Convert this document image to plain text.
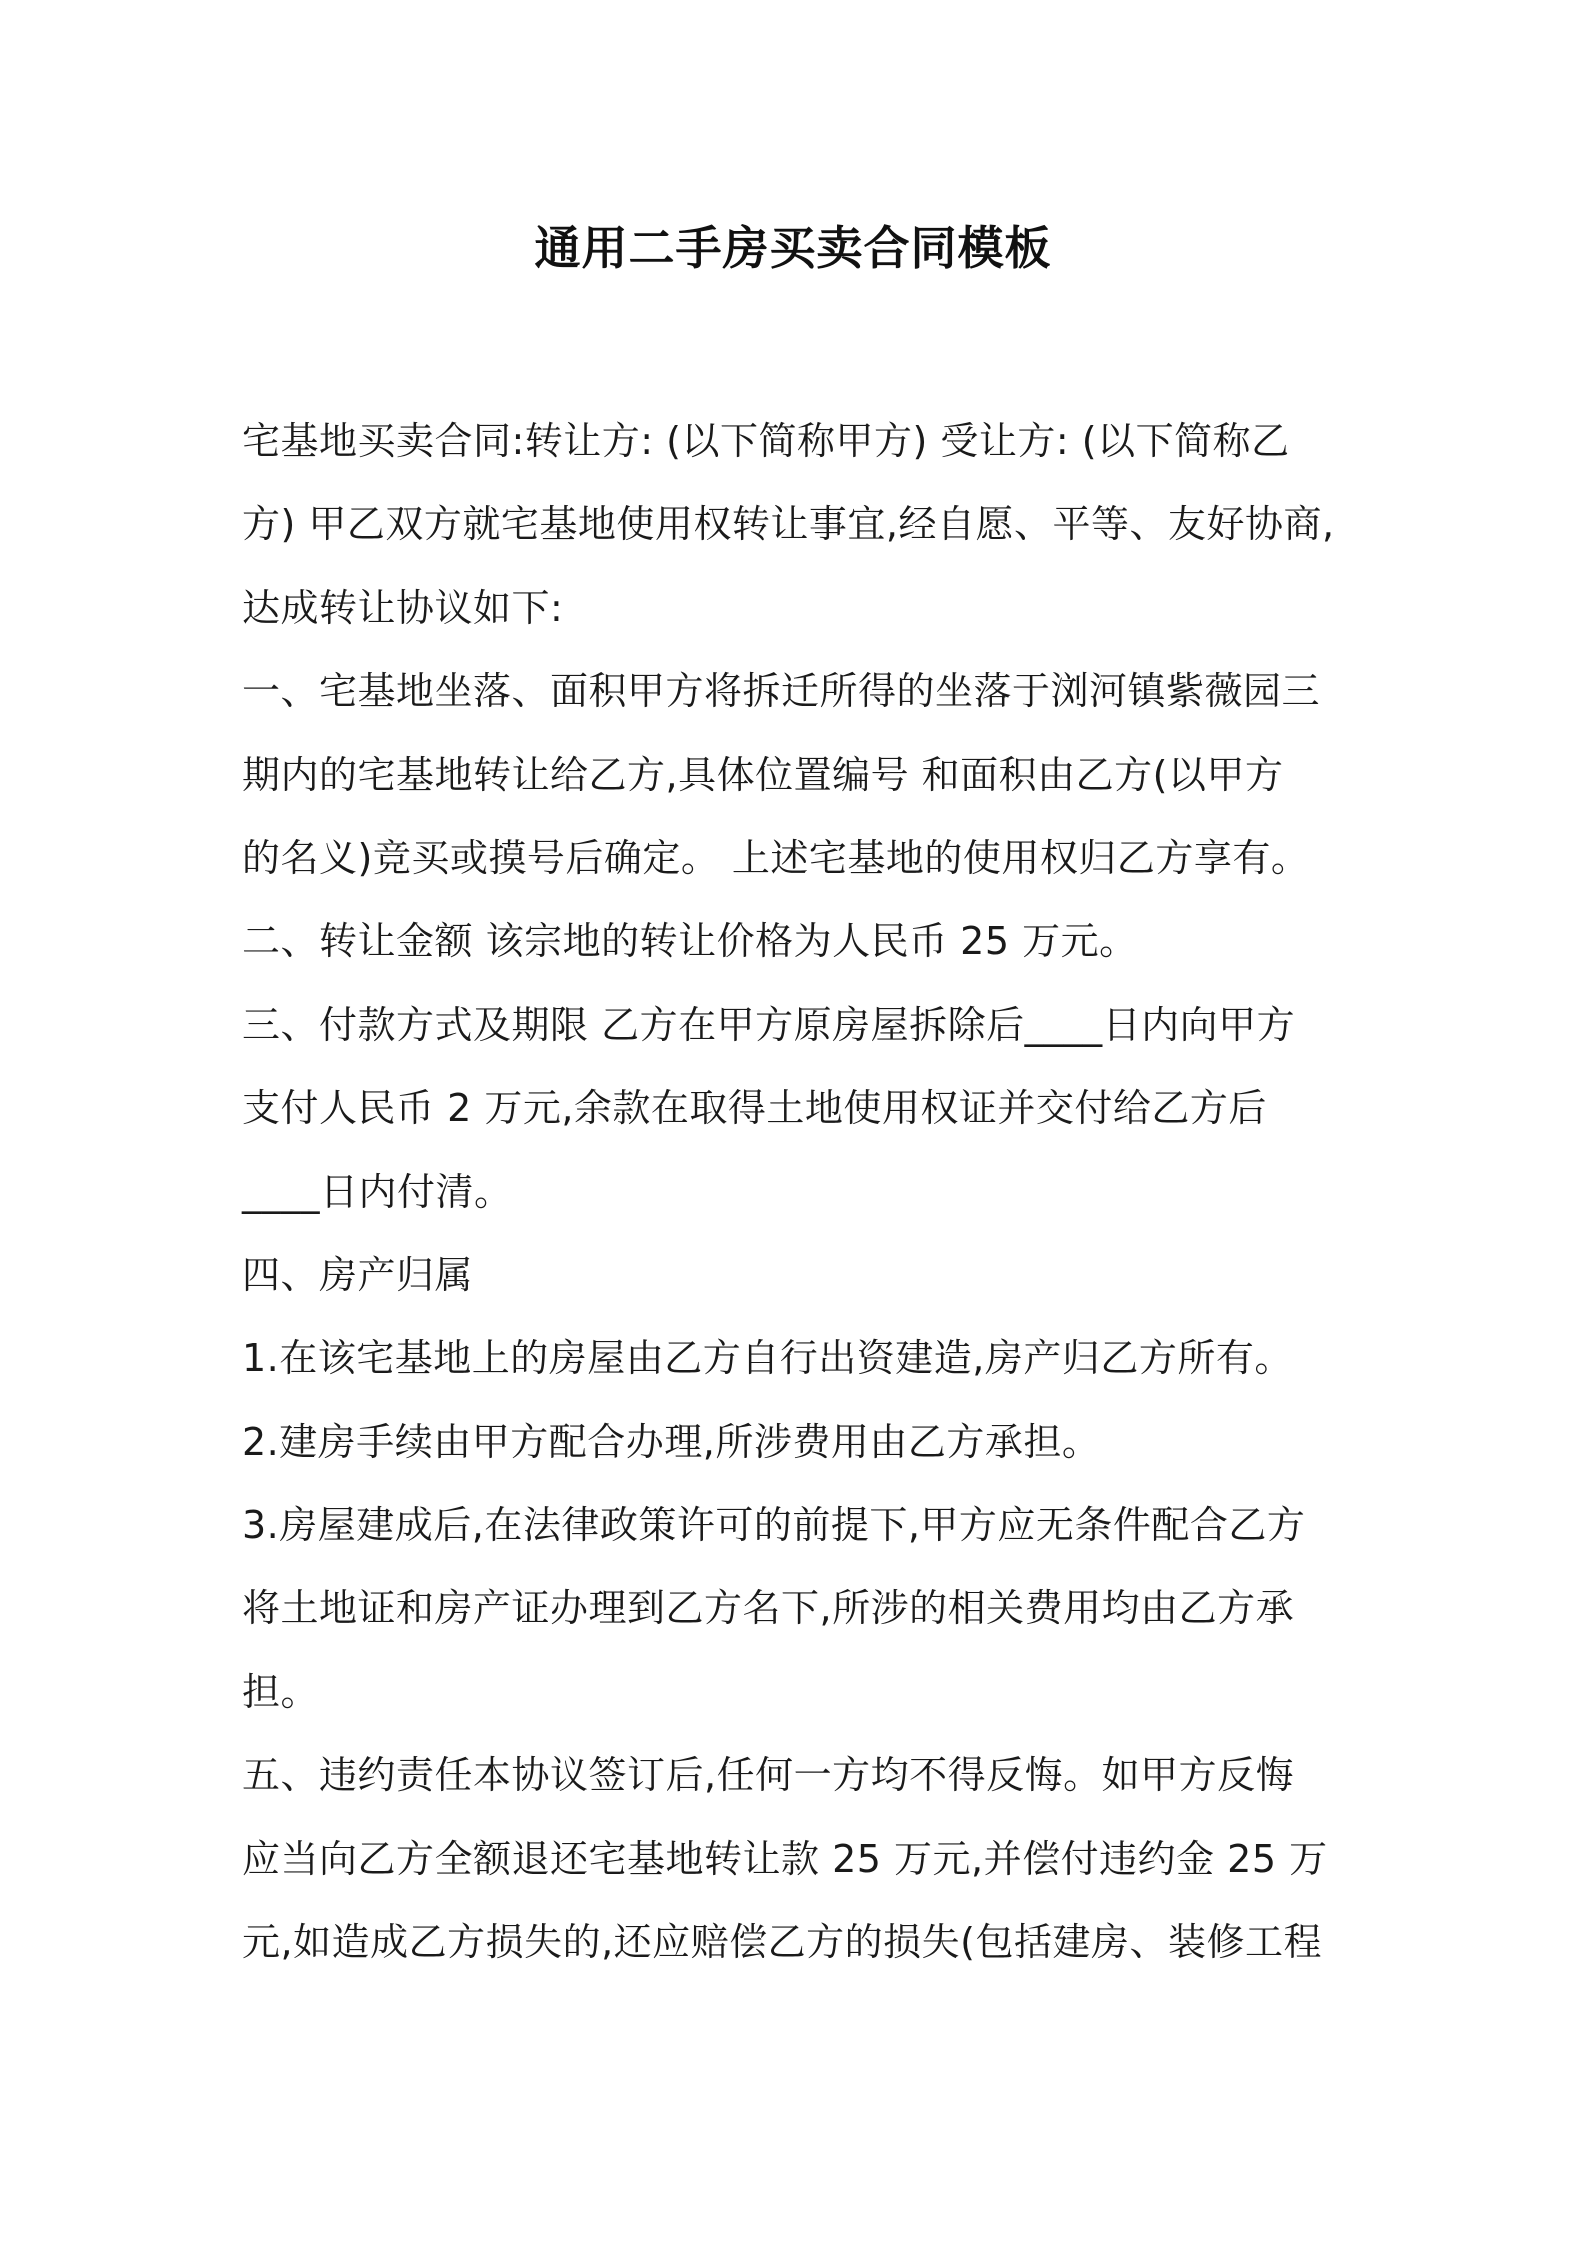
通用二手房买卖合同模板
宅基地买卖合同:转让方: (以下简称甲方) 受让方: (以下简称乙
方) 甲乙双方就宅基地使用权转让事宜,经自愿、平等、友好协商,
达成转让协议如下:
一、宅基地坐落、面积甲方将拆迁所得的坐落于浏河镇紫薇园三
期内的宅基地转让给乙方,具体位置编号 和面积由乙方(以甲方
的名义)竞买或摸号后确定。 上述宅基地的使用权归乙方享有。
二、转让金额 该宗地的转让价格为人民币 25 万元。
三、付款方式及期限 乙方在甲方原房屋拆除后____日内向甲方
支付人民币 2 万元,余款在取得土地使用权证并交付给乙方后
____日内付清。
四、房产归属
1.在该宅基地上的房屋由乙方自行出资建造,房产归乙方所有。
2.建房手续由甲方配合办理,所涉费用由乙方承担。
3.房屋建成后,在法律政策许可的前提下,甲方应无条件配合乙方
将土地证和房产证办理到乙方名下,所涉的相关费用均由乙方承
担。
五、违约责任本协议签订后,任何一方均不得反悔。如甲方反悔
应当向乙方全额退还宅基地转让款 25 万元,并偿付违约金 25 万
元,如造成乙方损失的,还应赔偿乙方的损失(包括建房、装修工程
